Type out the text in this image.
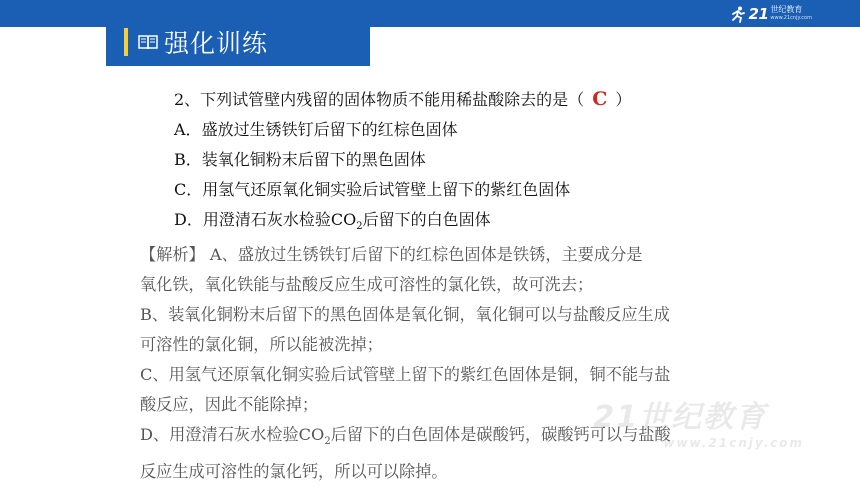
21 世纪教育
www.21cnjy.com
强化训练
2、下列试管壁内残留的固体物质不能用稀盐酸除去的是（ C ）
A．盛放过生锈铁钉后留下的红棕色固体
B．装氧化铜粉末后留下的黑色固体
C．用氢气还原氧化铜实验后试管壁上留下的紫红色固体
D．用澄清石灰水检验$CO_2$后留下的白色固体
【解析】 A、盛放过生锈铁钉后留下的红棕色固体是铁锈，主要成分是
氧化铁，氧化铁能与盐酸反应生成可溶性的氯化铁，故可洗去；
B、装氧化铜粉末后留下的黑色固体是氧化铜，氧化铜可以与盐酸反应生成
可溶性的氯化铜，所以能被洗掉；
C、用氢气还原氧化铜实验后试管壁上留下的紫红色固体是铜，铜不能与盐
酸反应，因此不能除掉；
D、用澄清石灰水检验$CO_2$后留下的白色固体是碳酸钙，碳酸钙可以与盐酸
反应生成可溶性的氯化钙，所以可以除掉。
21世纪教育
www.21cnjy.com
